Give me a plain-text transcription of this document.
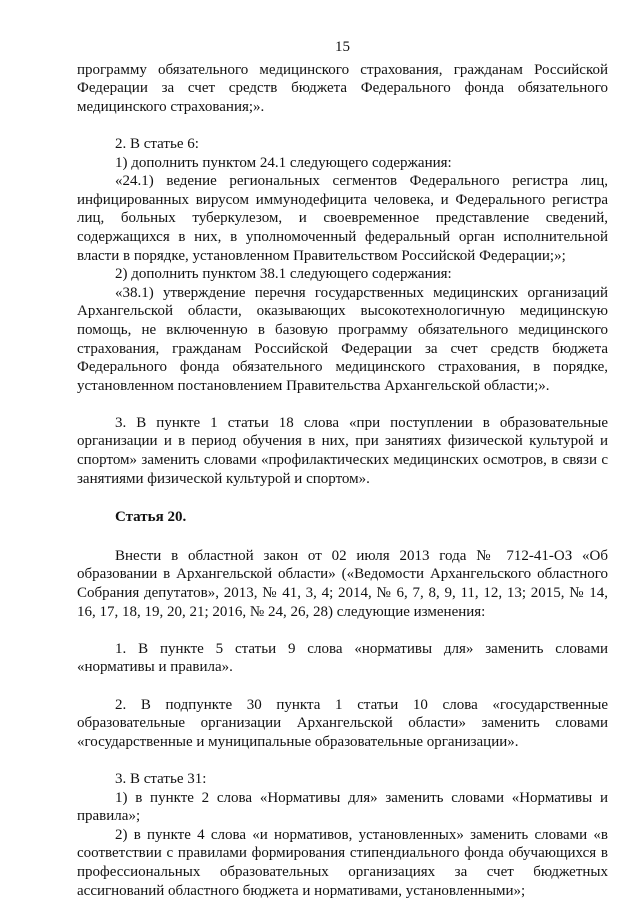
15

программу обязательного медицинского страхования, гражданам Российской Федерации за счет средств бюджета Федерального фонда обязательного медицинского страхования;».

2. В статье 6:

1) дополнить пунктом 24.1 следующего содержания:

«24.1) ведение региональных сегментов Федерального регистра лиц, инфицированных вирусом иммунодефицита человека, и Федерального регистра лиц, больных туберкулезом, и своевременное представление сведений, содержащихся в них, в уполномоченный федеральный орган исполнительной власти в порядке, установленном Правительством Российской Федерации;»;

2) дополнить пунктом 38.1 следующего содержания:

«38.1) утверждение перечня государственных медицинских организаций Архангельской области, оказывающих высокотехнологичную медицинскую помощь, не включенную в базовую программу обязательного медицинского страхования, гражданам Российской Федерации за счет средств бюджета Федерального фонда обязательного медицинского страхования, в порядке, установленном постановлением Правительства Архангельской области;».

3. В пункте 1 статьи 18 слова «при поступлении в образовательные организации и в период обучения в них, при занятиях физической культурой и спортом» заменить словами «профилактических медицинских осмотров, в связи с занятиями физической культурой и спортом».

Статья 20.

Внести в областной закон от 02 июля 2013 года № 712-41-ОЗ «Об образовании в Архангельской области» («Ведомости Архангельского областного Собрания депутатов», 2013, № 41, 3, 4; 2014, № 6, 7, 8, 9, 11, 12, 13; 2015, № 14, 16, 17, 18, 19, 20, 21; 2016, № 24, 26, 28) следующие изменения:

1. В пункте 5 статьи 9 слова «нормативы для» заменить словами «нормативы и правила».

2. В подпункте 30 пункта 1 статьи 10 слова «государственные образовательные организации Архангельской области» заменить словами «государственные и муниципальные образовательные организации».

3. В статье 31:

1) в пункте 2 слова «Нормативы для» заменить словами «Нормативы и правила»;

2) в пункте 4 слова «и нормативов, установленных» заменить словами «в соответствии с правилами формирования стипендиального фонда обучающихся в профессиональных образовательных организациях за счет бюджетных ассигнований областного бюджета и нормативами, установленными»;
